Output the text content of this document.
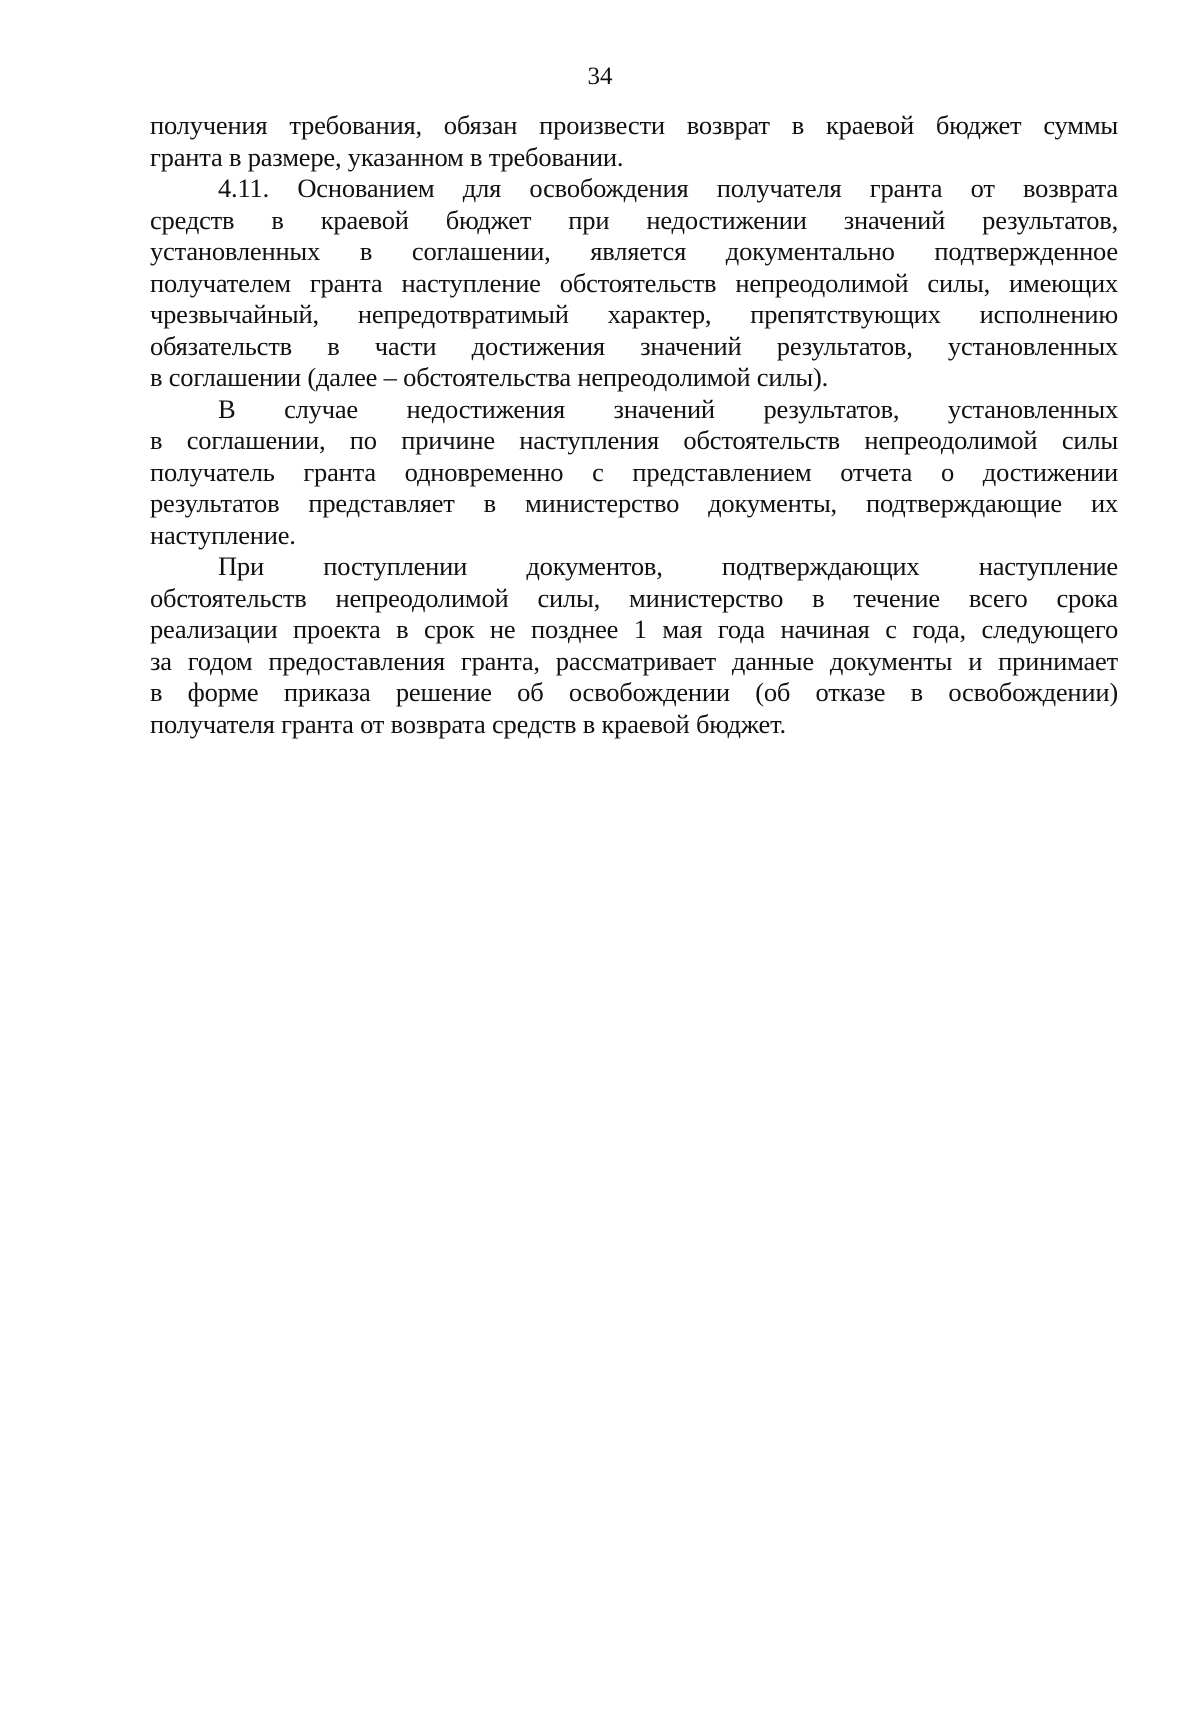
34
получения требования, обязан произвести возврат в краевой бюджет суммы
гранта в размере, указанном в требовании.
4.11. Основанием для освобождения получателя гранта от возврата
средств в краевой бюджет при недостижении значений результатов,
установленных в соглашении, является документально подтвержденное
получателем гранта наступление обстоятельств непреодолимой силы, имеющих
чрезвычайный, непредотвратимый характер, препятствующих исполнению
обязательств в части достижения значений результатов, установленных
в соглашении (далее – обстоятельства непреодолимой силы).
В случае недостижения значений результатов, установленных
в соглашении, по причине наступления обстоятельств непреодолимой силы
получатель гранта одновременно с представлением отчета о достижении
результатов представляет в министерство документы, подтверждающие их
наступление.
При поступлении документов, подтверждающих наступление
обстоятельств непреодолимой силы, министерство в течение всего срока
реализации проекта в срок не позднее 1 мая года начиная с года, следующего
за годом предоставления гранта, рассматривает данные документы и принимает
в форме приказа решение об освобождении (об отказе в освобождении)
получателя гранта от возврата средств в краевой бюджет.
